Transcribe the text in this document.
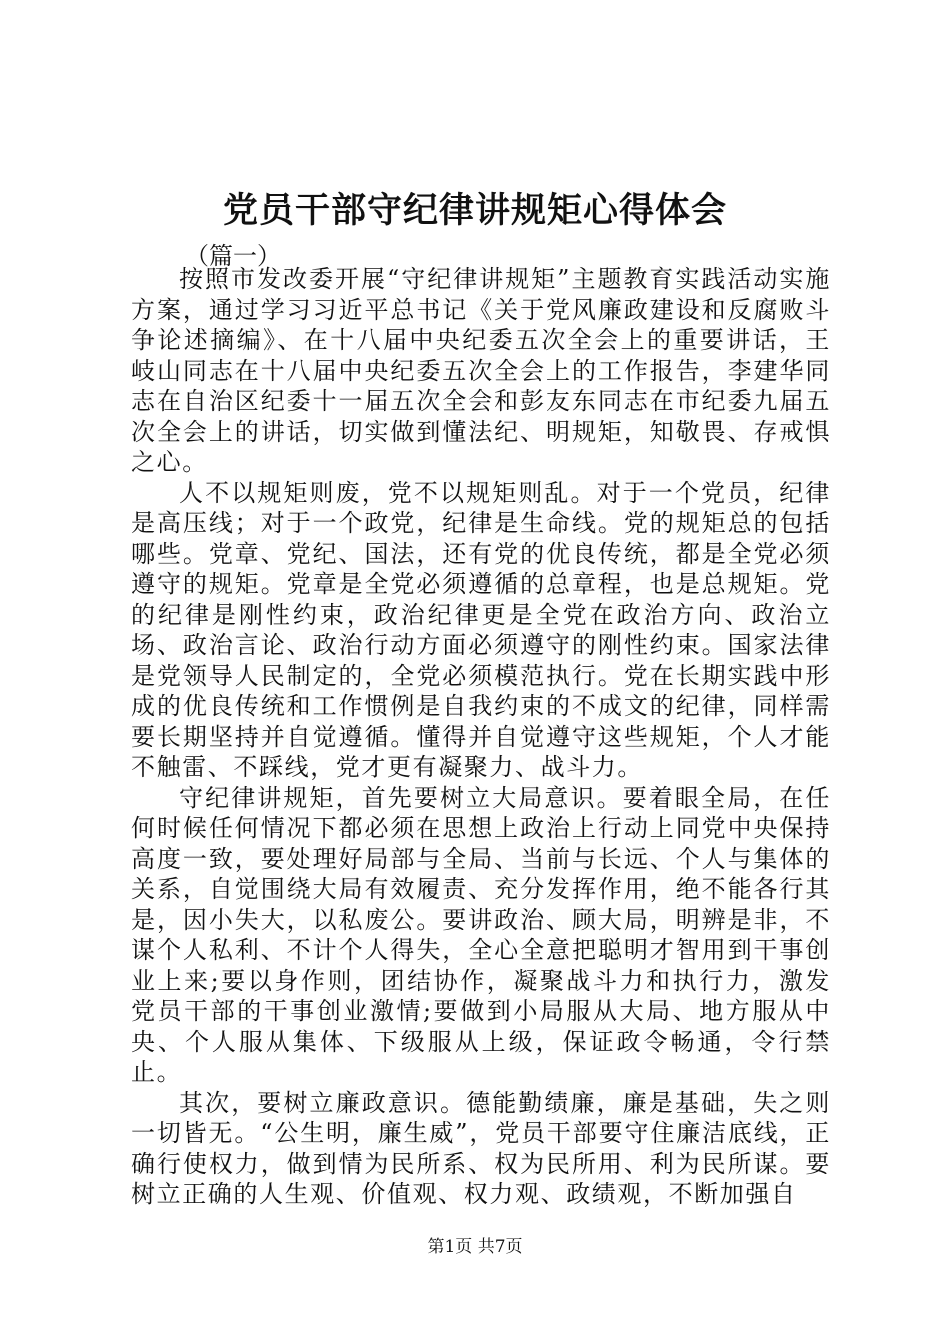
党员干部守纪律讲规矩心得体会

（篇一）

按照市发改委开展“守纪律讲规矩”主题教育实践活动实施方案，通过学习习近平总书记《关于党风廉政建设和反腐败斗争论述摘编》、在十八届中央纪委五次全会上的重要讲话，王岐山同志在十八届中央纪委五次全会上的工作报告，李建华同志在自治区纪委十一届五次全会和彭友东同志在市纪委九届五次全会上的讲话，切实做到懂法纪、明规矩，知敬畏、存戒惧之心。

人不以规矩则废，党不以规矩则乱。对于一个党员，纪律是高压线；对于一个政党，纪律是生命线。党的规矩总的包括哪些。党章、党纪、国法，还有党的优良传统，都是全党必须遵守的规矩。党章是全党必须遵循的总章程，也是总规矩。党的纪律是刚性约束，政治纪律更是全党在政治方向、政治立场、政治言论、政治行动方面必须遵守的刚性约束。国家法律是党领导人民制定的，全党必须模范执行。党在长期实践中形成的优良传统和工作惯例是自我约束的不成文的纪律，同样需要长期坚持并自觉遵循。懂得并自觉遵守这些规矩，个人才能不触雷、不踩线，党才更有凝聚力、战斗力。

守纪律讲规矩，首先要树立大局意识。要着眼全局，在任何时候任何情况下都必须在思想上政治上行动上同党中央保持高度一致，要处理好局部与全局、当前与长远、个人与集体的关系，自觉围绕大局有效履责、充分发挥作用，绝不能各行其是，因小失大，以私废公。要讲政治、顾大局，明辨是非，不谋个人私利、不计个人得失，全心全意把聪明才智用到干事创业上来;要以身作则，团结协作，凝聚战斗力和执行力，激发党员干部的干事创业激情;要做到小局服从大局、地方服从中央、个人服从集体、下级服从上级，保证政令畅通，令行禁止。

其次，要树立廉政意识。德能勤绩廉，廉是基础，失之则一切皆无。“公生明，廉生威”，党员干部要守住廉洁底线，正确行使权力，做到情为民所系、权为民所用、利为民所谋。要树立正确的人生观、价值观、权力观、政绩观，不断加强自

第1页 共7页
